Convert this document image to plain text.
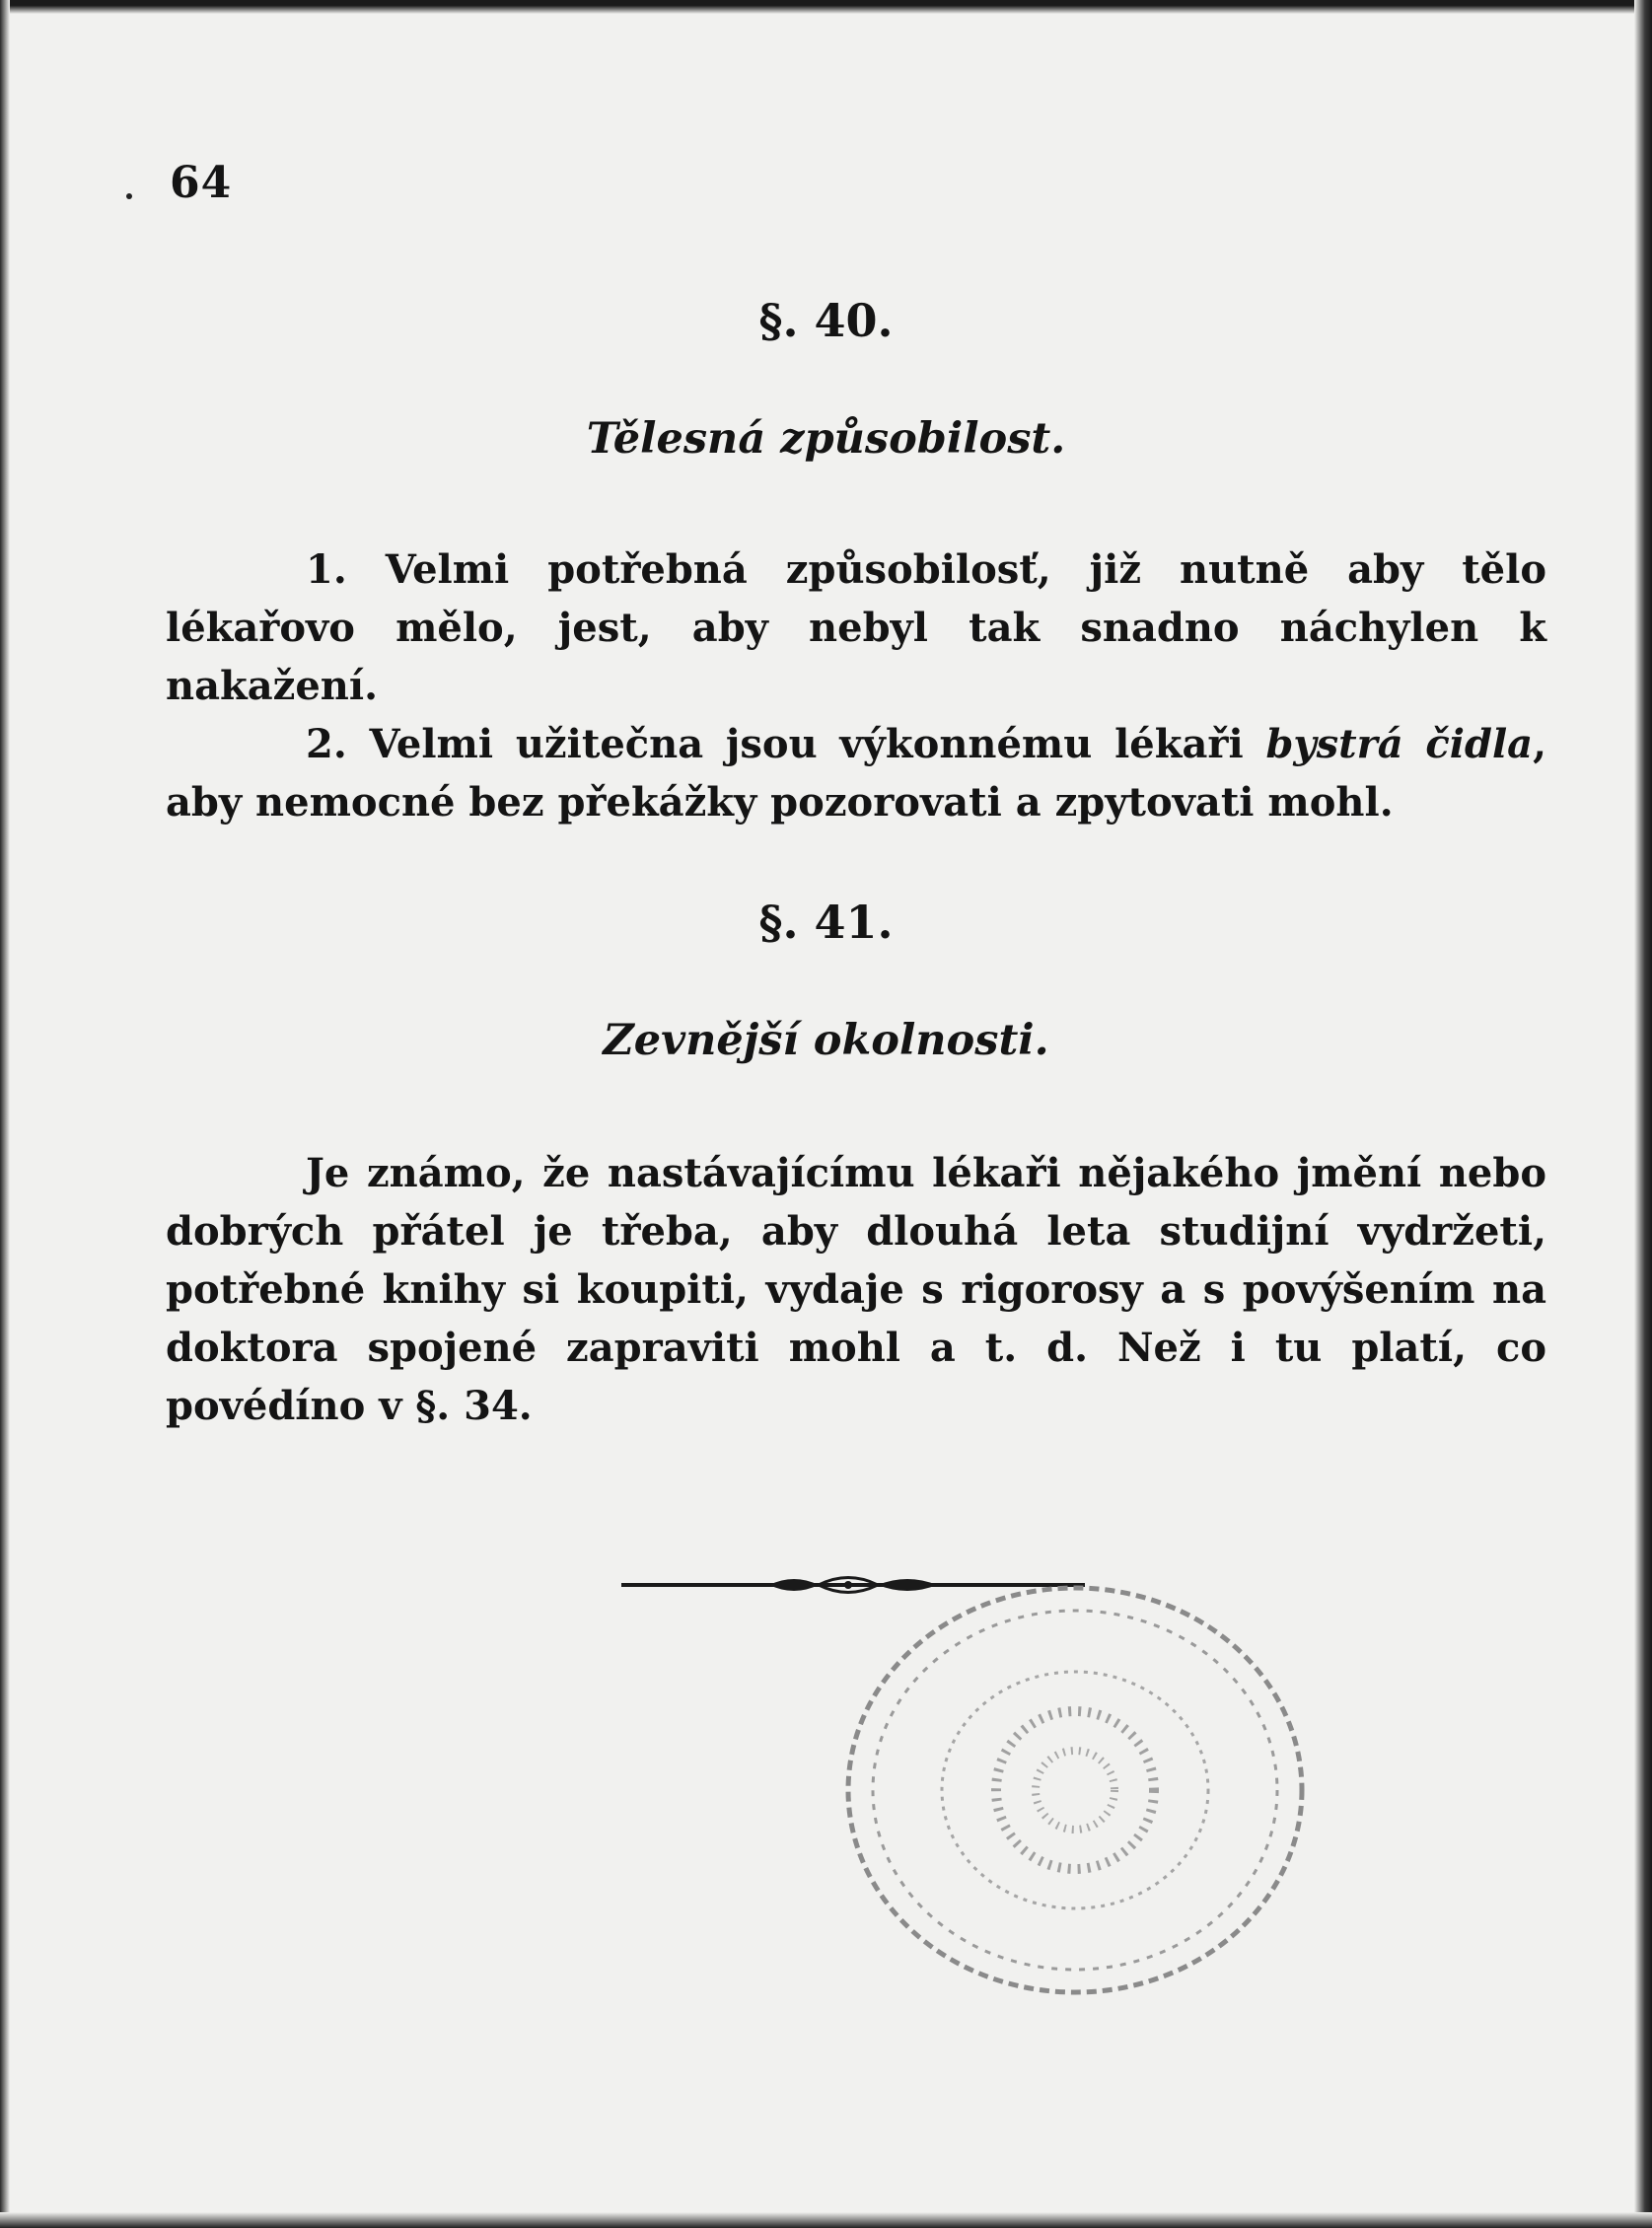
64
§. 40.
Tělesná způsobilost.

1. Velmi potřebná způsobilosť, již nutně aby tělo lékařovo mělo, jest, aby nebyl tak snadno náchylen k nakažení.

2. Velmi užitečna jsou výkonnému lékaři bystrá čidla, aby nemocné bez překážky pozorovati a zpytovati mohl.

§. 41.
Zevnější okolnosti.

Je známo, že nastávajícímu lékaři nějakého jmění nebo dobrých přátel je třeba, aby dlouhá leta studijní vydržeti, potřebné knihy si koupiti, vydaje s rigorosy a s povýšením na doktora spojené zapraviti mohl a t. d. Než i tu platí, co povédíno v §. 34.
